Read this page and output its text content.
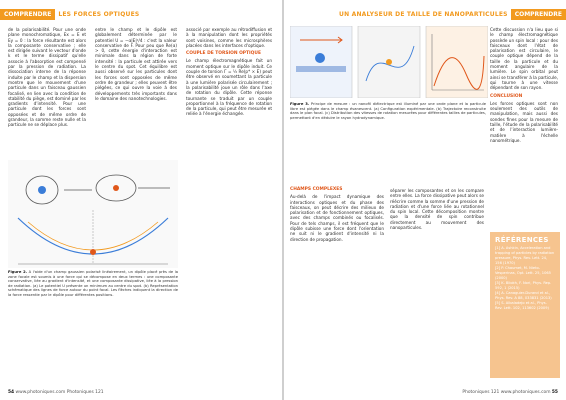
COMPRENDRE LES FORCES OPTIQUES
de la polarisabilité. Pour une onde plane monochromatique, Ex = E et Ey = 0 : la force résultante est alors la composante conservative ; elle est dirigée suivant le vecteur d'onde k et le terme dissipatif qu'elle associe à l'absorption est compensé par la pression de radiation. La dissociation interne de la réponse induite par le champ et la dispersion montre que le mouvement d'une particule dans un faisceau gaussien focalisé, en lien avec la condition de stabilité du piège, est dominé par les gradients d'intensité. Pour une particule dont les forces sont opposées et de même ordre de grandeur, la somme reste nulle et la particule ne se déplace plus.
entre le champ et le dipôle est globalement déterminée par le potentiel U = −α|E|²/4 : c'est la valeur conservative de F. Pour peu que Re(α) > 0, cette énergie d'interaction est minimale dans la région de forte intensité : la particule est attirée vers le centre du spot. Cet équilibre est aussi observé sur les particules dont les forces sont opposées de même ordre de grandeur ; elles peuvent être piégées, ce qui ouvre la voie à des développements très importants dans le domaine des nanotechnologies.

associé par exemple au rétrodiffusion et à la manipulation dont les propriétés sont voisines, comme les microsphères placées dans les interfaces d'optique.

COUPLE DE TORSION OPTIQUE

Le champ électromagnétique fait un moment optique sur le dipôle induit. Ce couple de torsion Γ = ½ Re(p* × E) peut être observé en soumettant la particule à une lumière polarisée circulairement ; la polarisabilité joue un rôle dans l'axe de rotation du dipôle. Cette réponse tournante se traduit par un couple proportionnel à la fréquence de rotation de la particule, qui peut être mesurée et reliée à l'énergie échangée.

Figure 2. À l'aide d'un champ gaussien polarisé linéairement, un dipôle placé près de la zone focale est soumis à une force qui se décompose en deux termes : une composante conservative, liée au gradient d'intensité, et une composante dissipative, liée à la pression de radiation. (a) Le potentiel U présente un minimum au centre du spot. (b) Représentation schématique des lignes de force autour du point focal. Les flèches indiquent la direction de la force ressentie par le dipôle pour différentes positions.
54 www.photoniques.com Photoniques 121
UN ANALYSEUR DE TAILLE DE NANOPARTICULES COMPRENDRE

Cette discussion n'a lieu que si le champ électromagnétique possède un spin local : pour des faisceaux dont l'état de polarisation est circulaire, le couple optique dépend de la taille de la particule et du moment angulaire de la lumière. Le spin orbital peut ainsi se transférer à la particule, qui tourne à une vitesse dépendant de son rayon.

CONCLUSION

Les forces optiques sont non seulement des outils de manipulation, mais aussi des sondes fines pour la mesure de taille, l'étude de la polarisabilité et de l'interaction lumière-matière à l'échelle nanométrique.

Figure 3. Principe de mesure : un nanofil diélectrique est illuminé par une onde plane et la particule libre est piégée dans le champ évanescent. (a) Configuration expérimentale. (b) Trajectoire reconstruite dans le plan focal. (c) Distribution des vitesses de rotation mesurées pour différentes tailles de particules, permettant d'en déduire le rayon hydrodynamique.
CHAMPS COMPLEXES

Au-delà de l'impact dynamique des interactions optiques et du phase des faisceaux, on peut décrire des milieux de polarisation et de fonctionnement optiques, avec des champs combinés ou focalisés. Pour de tels champs, il est fréquent que le dipôle subisse une force dont l'orientation ne suit ni le gradient d'intensité ni la direction de propagation.

séparer les composantes et on les compare entre elles. La force dissipative peut alors se réécrire comme la somme d'une pression de radiation et d'une force liée au rotationnel du spin local. Cette décomposition montre que la densité de spin contribue directement au mouvement des nanoparticules.
RÉFÉRENCES
[1] A. Ashkin, Acceleration and trapping of particles by radiation pressure, Phys. Rev. Lett. 24, 156 (1970)
[2] P. Chaumet, M. Nieto-Vesperinas, Opt. Lett. 25, 1065 (2000)
[3] K. Bliokh, F. Nori, Phys. Rep. 592, 1 (2015)
[4] A. Canaguier-Durand et al., Phys. Rev. A 88, 033831 (2013)
[5] S. Albaladejo et al., Phys. Rev. Lett. 102, 113602 (2009)
Photoniques 121 www.photoniques.com 55
